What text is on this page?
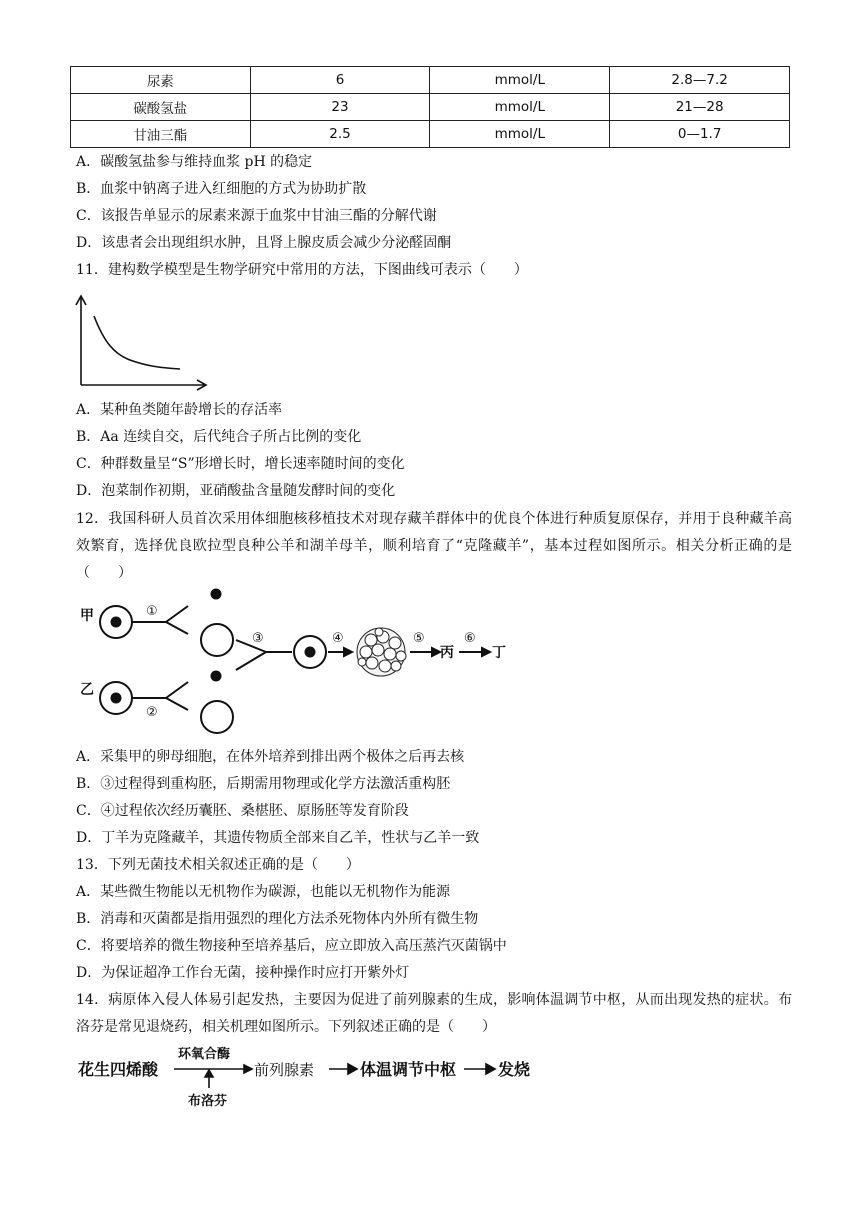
尿素	6	mmol/L	2.8—7.2
碳酸氢盐	23	mmol/L	21—28
甘油三酯	2.5	mmol/L	0—1.7
A．碳酸氢盐参与维持血浆 pH 的稳定
B．血浆中钠离子进入红细胞的方式为协助扩散
C．该报告单显示的尿素来源于血浆中甘油三酯的分解代谢
D．该患者会出现组织水肿，且肾上腺皮质会减少分泌醛固酮
11．建构数学模型是生物学研究中常用的方法，下图曲线可表示（　　）
A．某种鱼类随年龄增长的存活率
B．Aa 连续自交，后代纯合子所占比例的变化
C．种群数量呈“S”形增长时，增长速率随时间的变化
D．泡菜制作初期，亚硝酸盐含量随发酵时间的变化
12．我国科研人员首次采用体细胞核移植技术对现存藏羊群体中的优良个体进行种质复原保存，并用于良种藏羊高效繁育，选择优良欧拉型良种公羊和湖羊母羊，顺利培育了“克隆藏羊”，基本过程如图所示。相关分析正确的是（　　）
甲
乙
丙	丁
①
②
③	④	⑤	⑥
A．采集甲的卵母细胞，在体外培养到排出两个极体之后再去核
B．③过程得到重构胚，后期需用物理或化学方法激活重构胚
C．④过程依次经历囊胚、桑椹胚、原肠胚等发育阶段
D．丁羊为克隆藏羊，其遗传物质全部来自乙羊，性状与乙羊一致
13．下列无菌技术相关叙述正确的是（　　）
A．某些微生物能以无机物作为碳源，也能以无机物作为能源
B．消毒和灭菌都是指用强烈的理化方法杀死物体内外所有微生物
C．将要培养的微生物接种至培养基后，应立即放入高压蒸汽灭菌锅中
D．为保证超净工作台无菌，接种操作时应打开紫外灯
14．病原体入侵人体易引起发热，主要因为促进了前列腺素的生成，影响体温调节中枢，从而出现发热的症状。布洛芬是常见退烧药，相关机理如图所示。下列叙述正确的是（　　）
花生四烯酸
环氧合酶
布洛芬
前列腺素	体温调节中枢	发烧
